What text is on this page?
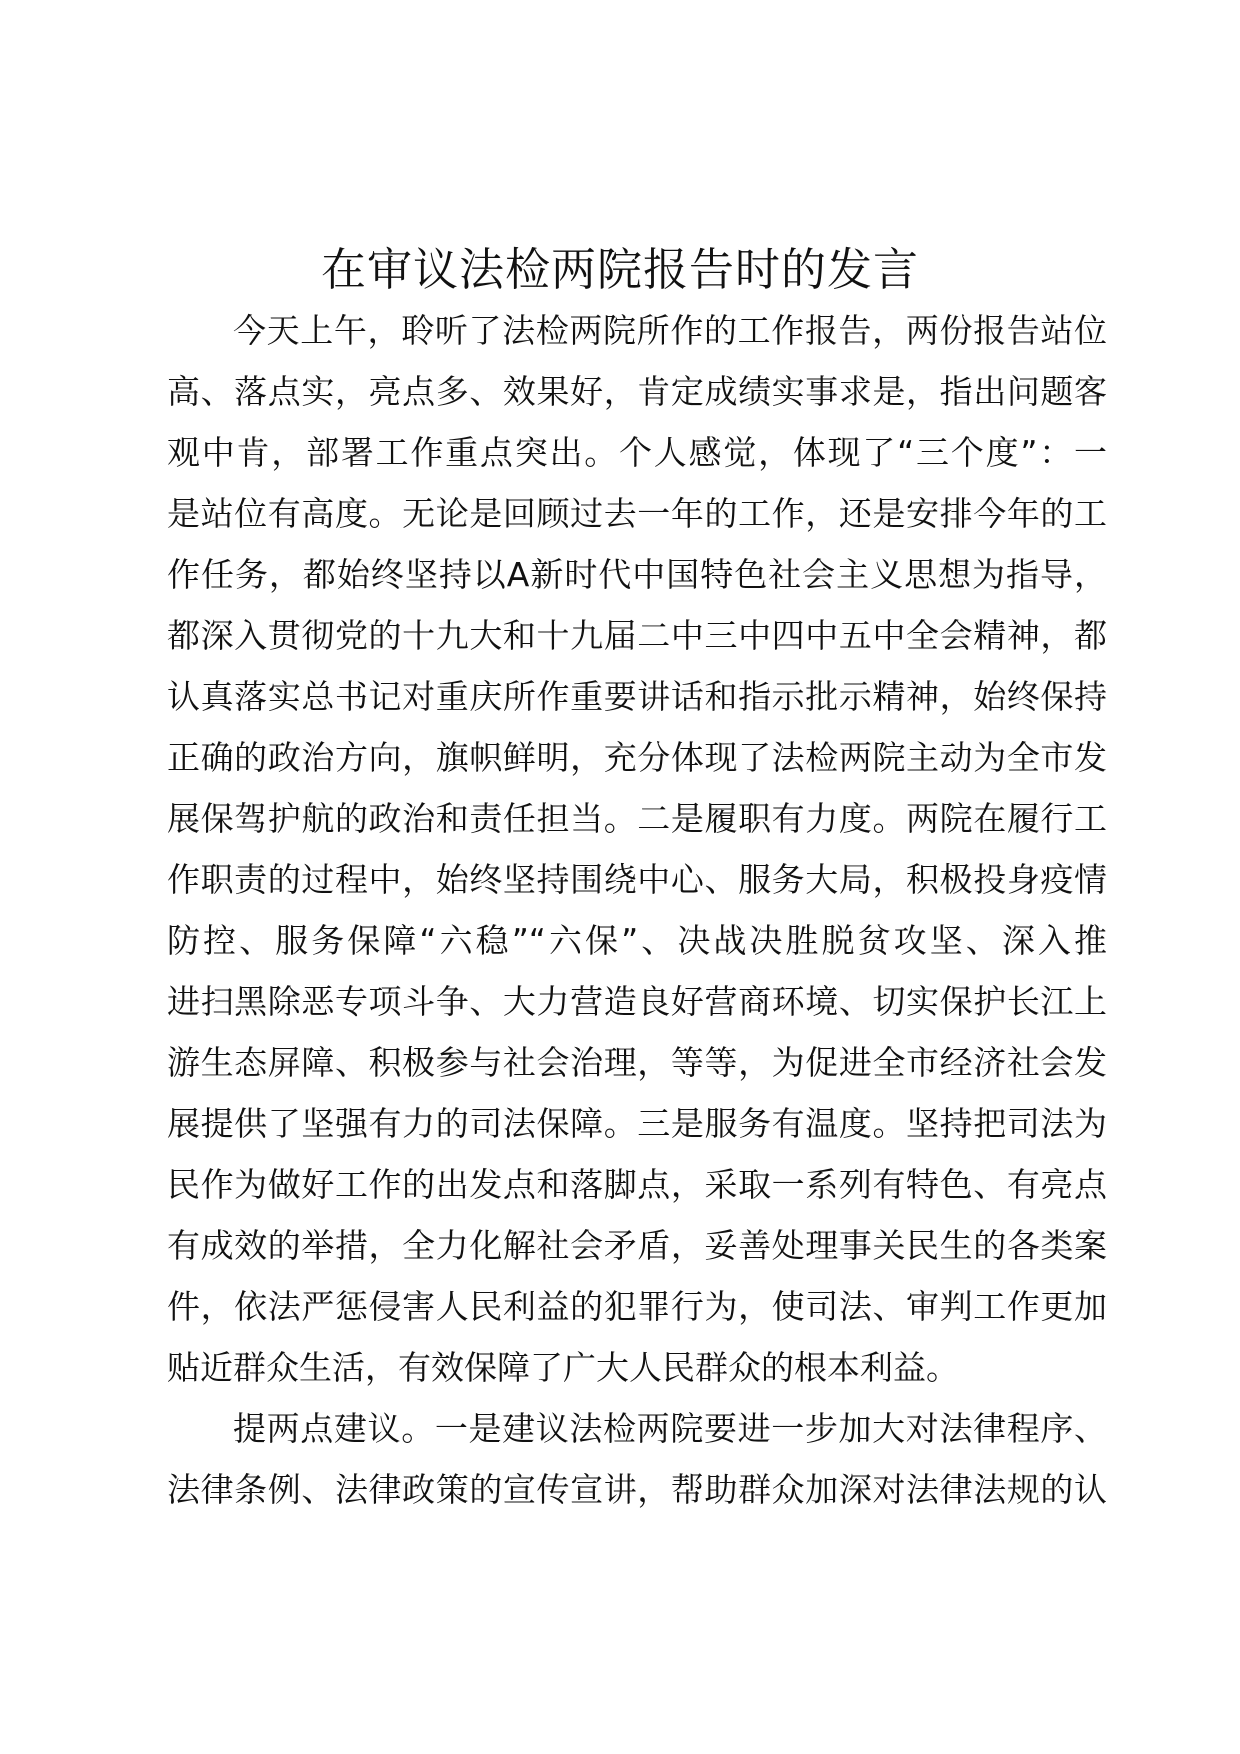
在审议法检两院报告时的发言
今天上午，聆听了法检两院所作的工作报告，两份报告站位
高、落点实，亮点多、效果好，肯定成绩实事求是，指出问题客
观中肯，部署工作重点突出。个人感觉，体现了“三个度”：一
是站位有高度。无论是回顾过去一年的工作，还是安排今年的工
作任务，都始终坚持以A新时代中国特色社会主义思想为指导，
都深入贯彻党的十九大和十九届二中三中四中五中全会精神，都
认真落实总书记对重庆所作重要讲话和指示批示精神，始终保持
正确的政治方向，旗帜鲜明，充分体现了法检两院主动为全市发
展保驾护航的政治和责任担当。二是履职有力度。两院在履行工
作职责的过程中，始终坚持围绕中心、服务大局，积极投身疫情
防控、服务保障“六稳”“六保”、决战决胜脱贫攻坚、深入推
进扫黑除恶专项斗争、大力营造良好营商环境、切实保护长江上
游生态屏障、积极参与社会治理，等等，为促进全市经济社会发
展提供了坚强有力的司法保障。三是服务有温度。坚持把司法为
民作为做好工作的出发点和落脚点，采取一系列有特色、有亮点
有成效的举措，全力化解社会矛盾，妥善处理事关民生的各类案
件，依法严惩侵害人民利益的犯罪行为，使司法、审判工作更加
贴近群众生活，有效保障了广大人民群众的根本利益。
提两点建议。一是建议法检两院要进一步加大对法律程序、
法律条例、法律政策的宣传宣讲，帮助群众加深对法律法规的认
